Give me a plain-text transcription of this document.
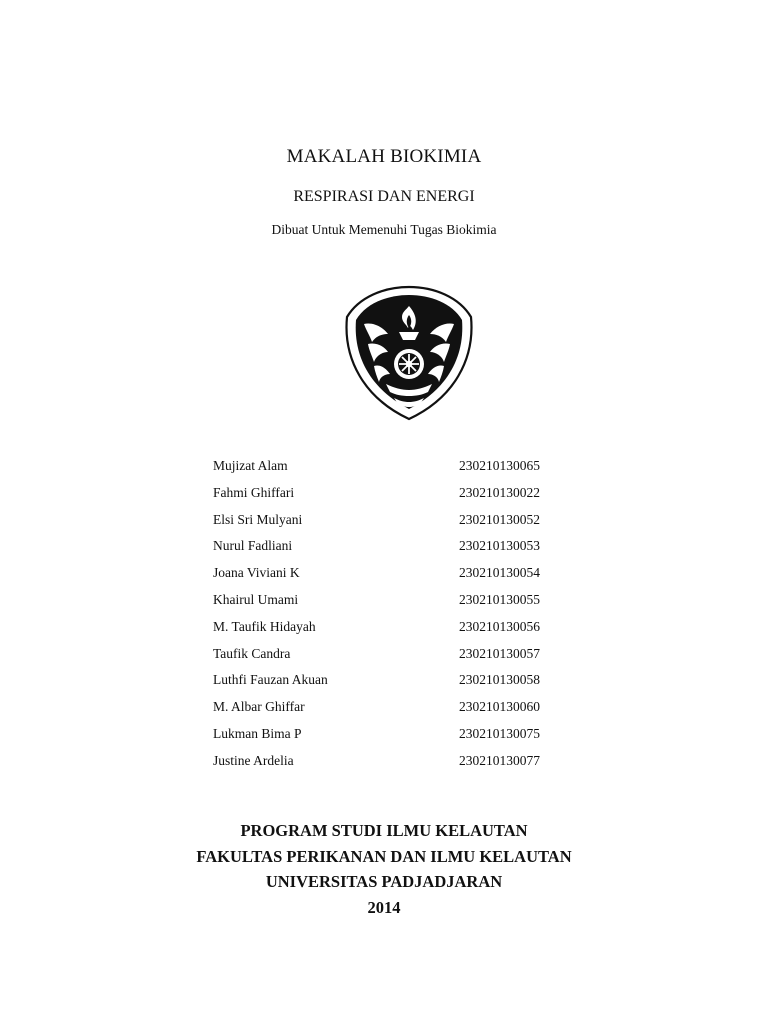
MAKALAH BIOKIMIA
RESPIRASI DAN ENERGI
Dibuat Untuk Memenuhi Tugas Biokimia
Mujizat Alam	230210130065
Fahmi Ghiffari	230210130022
Elsi Sri Mulyani	230210130052
Nurul Fadliani	230210130053
Joana Viviani K	230210130054
Khairul Umami	230210130055
M. Taufik Hidayah	230210130056
Taufik Candra	230210130057
Luthfi Fauzan Akuan	230210130058
M. Albar Ghiffar	230210130060
Lukman Bima P	230210130075
Justine Ardelia	230210130077
PROGRAM STUDI ILMU KELAUTAN
FAKULTAS PERIKANAN DAN ILMU KELAUTAN
UNIVERSITAS PADJADJARAN
2014
